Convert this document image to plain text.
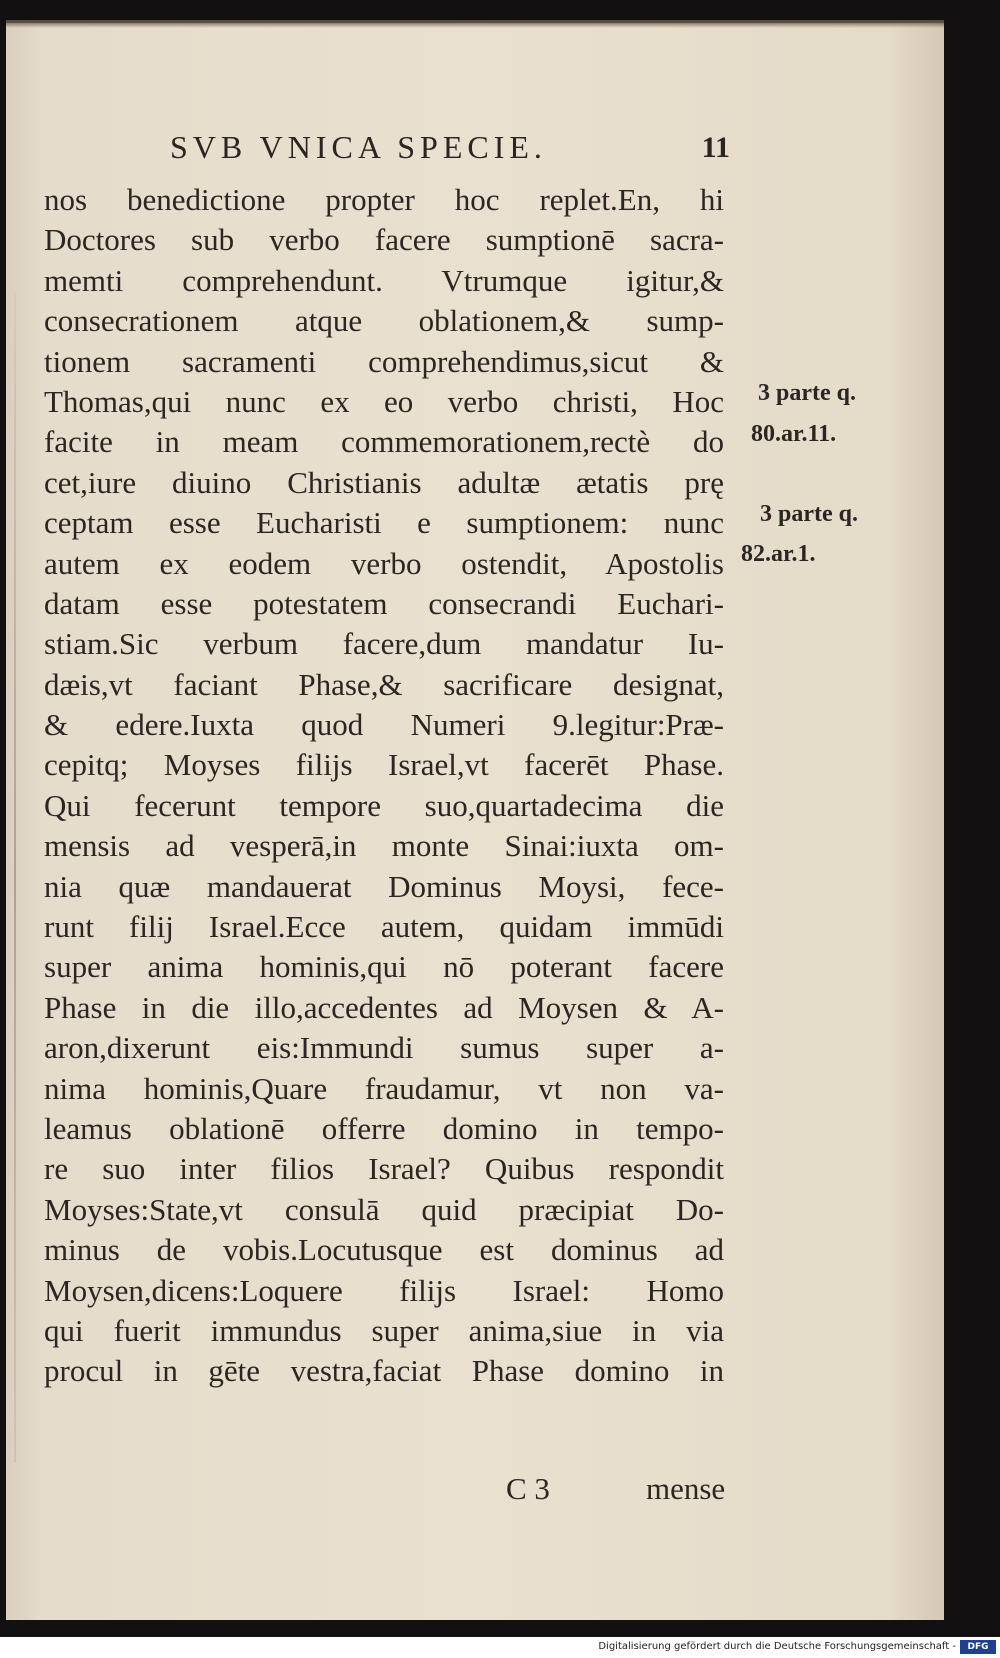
SVB VNICA SPECIE.	11
nos benedictione propter hoc replet.En, hi
Doctores sub verbo facere sumptionē sacra-
memti comprehendunt. Vtrumque igitur,&
consecrationem atque oblationem,& sump-
tionem sacramenti comprehendimus,sicut &
Thomas,qui nunc ex eo verbo christi, Hoc
facite in meam commemorationem,rectè do
cet,iure diuino Christianis adultæ ætatis prę
ceptam esse Eucharisti e sumptionem: nunc
autem ex eodem verbo ostendit, Apostolis
datam esse potestatem consecrandi Euchari-
stiam.Sic verbum facere,dum mandatur Iu-
dæis,vt faciant Phase,& sacrificare designat,
& edere.Iuxta quod Numeri 9.legitur:Præ-
cepitq; Moyses filijs Israel,vt facerēt Phase.
Qui fecerunt tempore suo,quartadecima die
mensis ad vesperā,in monte Sinai:iuxta om-
nia quæ mandauerat Dominus Moysi, fece-
runt filij Israel.Ecce autem, quidam immūdi
super anima hominis,qui nō poterant facere
Phase in die illo,accedentes ad Moysen & A-
aron,dixerunt eis:Immundi sumus super a-
nima hominis,Quare fraudamur, vt non va-
leamus oblationē offerre domino in tempo-
re suo inter filios Israel? Quibus respondit
Moyses:State,vt consulā quid præcipiat Do-
minus de vobis.Locutusque est dominus ad
Moysen,dicens:Loquere filijs Israel: Homo
qui fuerit immundus super anima,siue in via
procul in gēte vestra,faciat Phase domino in
C 3	mense
3 parte q.
80.ar.11.
3 parte q.
82.ar.1.
Digitalisierung gefördert durch die Deutsche Forschungsgemeinschaft -	DFG
